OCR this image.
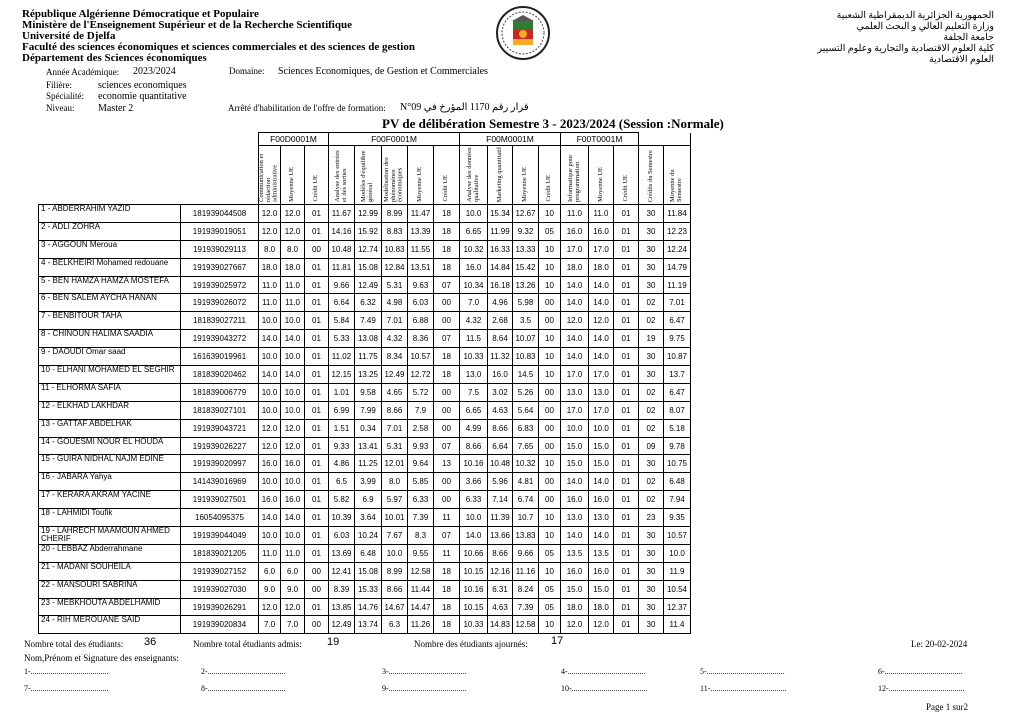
République Algérienne Démocratique et Populaire
Ministère de l'Enseignement Supérieur et de la Recherche Scientifique
Université de Djelfa
Faculté des sciences économiques et sciences commerciales et des sciences de gestion
Département des Sciences économiques
الجمهورية الجزائرية الديمقراطية الشعبية
وزارة التعليم العالي و البحث العلمي
جامعة الجلفة
كلية العلوم الاقتصادية والتجارية وعلوم التسيير
العلوم الاقتصادية
Année Académique: 2023/2024	Domaine: Sciences Economiques, de Gestion et Commerciales
Filière:	sciences economiques
Spécialité: economie quantitative
Niveau: Master 2	Arrêté d'habilitation de l'offre de formation: N°09 قرار رقم 1170 المؤرخ في
PV de délibération Semestre 3 - 2023/2024 (Session :Normale)
		F00D0001M			F00F0001M					F00M0001M				F00T0001M				
		Communication et rédaction administrative	Moyenne UE	Crédit UE	Analyse des entrées et des sorties	Modèles d'équilibre général	Modélisation des phénomènes économiques	Moyenne UE	Crédit UE	Analyse des données qualitative	Marketing quantitatif	Moyenne UE	Crédit UE	Informatique pour programmation	Moyenne UE	Crédit UE	Crédits du Semestre	Moyenne du Semestre
1 - ABDERRAHIM YAZID	181939044508	12.0	12.0	01	11.67	12.99	8.99	11.47	18	10.0	15.34	12.67	10	11.0	11.0	01	30	11.84
2 - ADLI ZOHRA	191939019051	12.0	12.0	01	14.16	15.92	8.83	13.39	18	6.65	11.99	9.32	05	16.0	16.0	01	30	12.23
3 - AGGOUN Meroua	191939029113	8.0	8.0	00	10.48	12.74	10.83	11.55	18	10.32	16.33	13.33	10	17.0	17.0	01	30	12.24
4 - BELKHEIRI Mohamed redouane	191939027667	18.0	18.0	01	11.81	15.08	12.84	13.51	18	16.0	14.84	15.42	10	18.0	18.0	01	30	14.79
5 - BEN HAMZA HAMZA MOSTEFA	191939025972	11.0	11.0	01	9.66	12.49	5.31	9.63	07	10.34	16.18	13.26	10	14.0	14.0	01	30	11.19
6 - BEN SALEM AYCHA HANAN	191939026072	11.0	11.0	01	6.64	6.32	4.98	6.03	00	7.0	4.96	5.98	00	14.0	14.0	01	02	7.01
7 - BENBITOUR TAHA	181839027211	10.0	10.0	01	5.84	7.49	7.01	6.88	00	4.32	2.68	3.5	00	12.0	12.0	01	02	6.47
8 - CHINOUN HALIMA SAADIA	191939043272	14.0	14.0	01	5.33	13.08	4.32	8.36	07	11.5	8.64	10.07	10	14.0	14.0	01	19	9.75
9 - DAOUDI Omar saad	161639019961	10.0	10.0	01	11.02	11.75	8.34	10.57	18	10.33	11.32	10.83	10	14.0	14.0	01	30	10.87
10 - ELHANI MOHAMED EL SEGHIR	181839020462	14.0	14.0	01	12.15	13.25	12.49	12.72	18	13.0	16.0	14.5	10	17.0	17.0	01	30	13.7
11 - ELHORMA SAFIA	181839006779	10.0	10.0	01	1.01	9.58	4.65	5.72	00	7.5	3.02	5.26	00	13.0	13.0	01	02	6.47
12 - ELKHAD LAKHDAR	181839027101	10.0	10.0	01	6.99	7.99	8.66	7.9	00	6.65	4.63	5.64	00	17.0	17.0	01	02	8.07
13 - GATTAF ABDELHAK	191939043721	12.0	12.0	01	1.51	0.34	7.01	2.58	00	4.99	8.66	6.83	00	10.0	10.0	01	02	5.18
14 - GOUESMI NOUR EL HOUDA	191939026227	12.0	12.0	01	9.33	13.41	5.31	9.93	07	8.66	6.64	7.65	00	15.0	15.0	01	09	9.78
15 - GUIRA NIDHAL NAJM EDINE	191939020997	16.0	16.0	01	4.86	11.25	12.01	9.64	13	10.16	10.48	10.32	10	15.0	15.0	01	30	10.75
16 - JABARA Yahya	141439016969	10.0	10.0	01	6.5	3.99	8.0	5.85	00	3.66	5.96	4.81	00	14.0	14.0	01	02	6.48
17 - KERARA AKRAM YACINE	191939027501	16.0	16.0	01	5.82	6.9	5.97	6.33	00	6.33	7.14	6.74	00	16.0	16.0	01	02	7.94
18 - LAHMIDI Toufik	16054095375	14.0	14.0	01	10.39	3.64	10.01	7.39	11	10.0	11.39	10.7	10	13.0	13.0	01	23	9.35
19 - LAHRECH MAAMOUN AHMED CHERIF	191939044049	10.0	10.0	01	6.03	10.24	7.67	8.3	07	14.0	13.66	13.83	10	14.0	14.0	01	30	10.57
20 - LEBBAZ Abderrahmane	181839021205	11.0	11.0	01	13.69	6.48	10.0	9.55	11	10.66	8.66	9.66	05	13.5	13.5	01	30	10.0
21 - MADANI SOUHEILA	191939027152	6.0	6.0	00	12.41	15.08	8.99	12.58	18	10.15	12.16	11.16	10	16.0	16.0	01	30	11.9
22 - MANSOURI SABRINA	191939027030	9.0	9.0	00	8.39	15.33	8.66	11.44	18	10.16	6.31	8.24	05	15.0	15.0	01	30	10.54
23 - MEBKHOUTA ABDELHAMID	191939026291	12.0	12.0	01	13.85	14.76	14.67	14.47	18	10.15	4.63	7.39	05	18.0	18.0	01	30	12.37
24 - RIH MEROUANE SAID	191939020834	7.0	7.0	00	12.49	13.74	6.3	11.26	18	10.33	14.83	12.58	10	12.0	12.0	01	30	11.4
Nombre total des étudiants: 36	Nombre total étudiants admis: 19	Nombre des étudiants ajournés: 17	Le: 20-02-2024
Nom,Prénom et Signature des enseignants:
1-.......................................	2-.......................................	3-.......................................	4-.......................................	5-.......................................	6-.......................................
7-.......................................	8-.......................................	9-.......................................	10-......................................	11-......................................	12-......................................
Page 1 sur2
